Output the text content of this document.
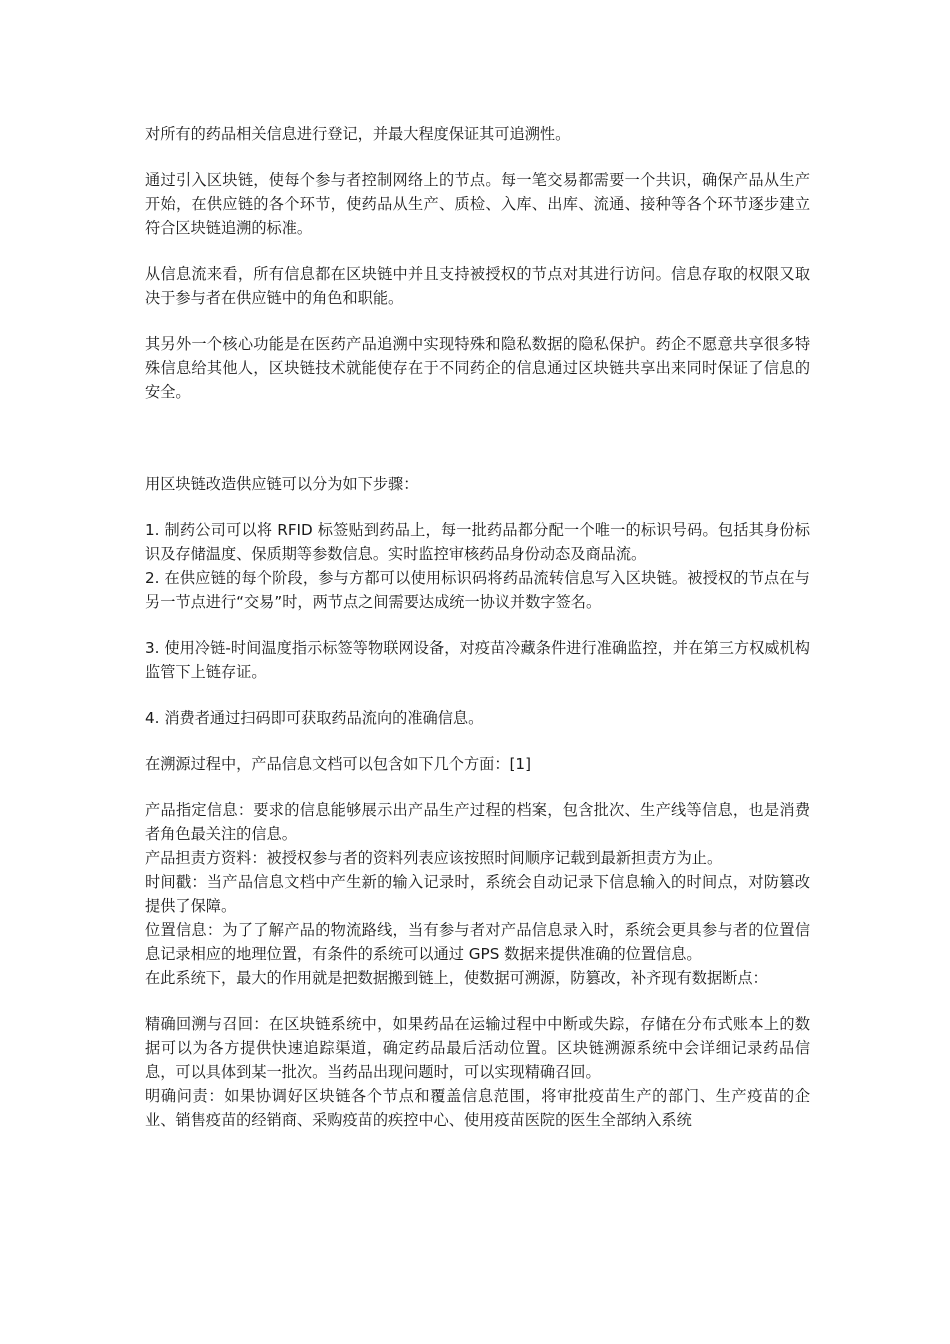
对所有的药品相关信息进行登记，并最大程度保证其可追溯性。

通过引入区块链，使每个参与者控制网络上的节点。每一笔交易都需要一个共识，确保产品从生产开始，在供应链的各个环节，使药品从生产、质检、入库、出库、流通、接种等各个环节逐步建立符合区块链追溯的标准。

从信息流来看，所有信息都在区块链中并且支持被授权的节点对其进行访问。信息存取的权限又取决于参与者在供应链中的角色和职能。

其另外一个核心功能是在医药产品追溯中实现特殊和隐私数据的隐私保护。药企不愿意共享很多特殊信息给其他人，区块链技术就能使存在于不同药企的信息通过区块链共享出来同时保证了信息的安全。

用区块链改造供应链可以分为如下步骤：

1. 制药公司可以将 RFID 标签贴到药品上，每一批药品都分配一个唯一的标识号码。包括其身份标识及存储温度、保质期等参数信息。实时监控审核药品身份动态及商品流。

2. 在供应链的每个阶段，参与方都可以使用标识码将药品流转信息写入区块链。被授权的节点在与另一节点进行“交易”时，两节点之间需要达成统一协议并数字签名。

3. 使用冷链-时间温度指示标签等物联网设备，对疫苗冷藏条件进行准确监控，并在第三方权威机构监管下上链存证。

4. 消费者通过扫码即可获取药品流向的准确信息。

在溯源过程中，产品信息文档可以包含如下几个方面：[1]

产品指定信息：要求的信息能够展示出产品生产过程的档案，包含批次、生产线等信息，也是消费者角色最关注的信息。

产品担责方资料：被授权参与者的资料列表应该按照时间顺序记载到最新担责方为止。

时间戳：当产品信息文档中产生新的输入记录时，系统会自动记录下信息输入的时间点，对防篡改提供了保障。

位置信息：为了了解产品的物流路线，当有参与者对产品信息录入时，系统会更具参与者的位置信息记录相应的地理位置，有条件的系统可以通过 GPS 数据来提供准确的位置信息。

在此系统下，最大的作用就是把数据搬到链上，使数据可溯源，防篡改，补齐现有数据断点：

精确回溯与召回：在区块链系统中，如果药品在运输过程中中断或失踪，存储在分布式账本上的数据可以为各方提供快速追踪渠道，确定药品最后活动位置。区块链溯源系统中会详细记录药品信息，可以具体到某一批次。当药品出现问题时，可以实现精确召回。

明确问责：如果协调好区块链各个节点和覆盖信息范围，将审批疫苗生产的部门、生产疫苗的企业、销售疫苗的经销商、采购疫苗的疾控中心、使用疫苗医院的医生全部纳入系统
